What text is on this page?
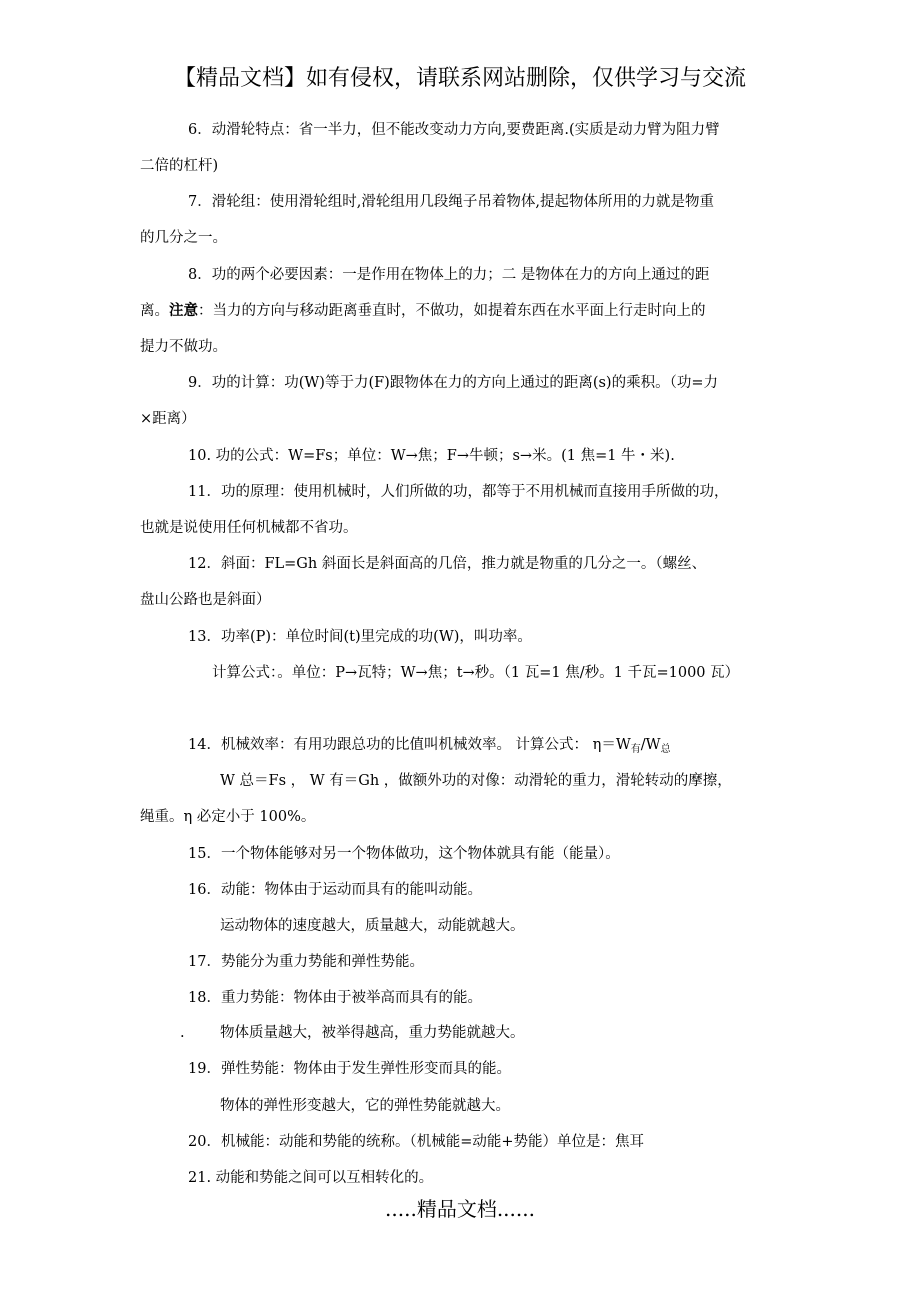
【精品文档】如有侵权，请联系网站删除，仅供学习与交流
6．动滑轮特点：省一半力，但不能改变动力方向,要费距离.(实质是动力臂为阻力臂
二倍的杠杆)
7．滑轮组：使用滑轮组时,滑轮组用几段绳子吊着物体,提起物体所用的力就是物重
的几分之一。
8．功的两个必要因素：一是作用在物体上的力；二 是物体在力的方向上通过的距
离。注意：当力的方向与移动距离垂直时，不做功，如提着东西在水平面上行走时向上的
提力不做功。
9．功的计算：功(W)等于力(F)跟物体在力的方向上通过的距离(s)的乘积。（功=力
×距离）
10. 功的公式：W=Fs；单位：W→焦；F→牛顿；s→米。(1 焦=1 牛・米).
11．功的原理：使用机械时，人们所做的功，都等于不用机械而直接用手所做的功，
也就是说使用任何机械都不省功。
12．斜面：FL=Gh 斜面长是斜面高的几倍，推力就是物重的几分之一。（螺丝、
盘山公路也是斜面）
13．功率(P)：单位时间(t)里完成的功(W)，叫功率。
计算公式：。单位：P→瓦特；W→焦；t→秒。（1 瓦=1 焦/秒。1 千瓦=1000 瓦）
14．机械效率：有用功跟总功的比值叫机械效率。 计算公式： $\eta=W_有/W_总$
W 总＝Fs ， W 有＝Gh ，做额外功的对像：动滑轮的重力，滑轮转动的摩擦，
绳重。η 必定小于 100%。
15．一个物体能够对另一个物体做功，这个物体就具有能（能量）。
16．动能：物体由于运动而具有的能叫动能。
运动物体的速度越大，质量越大，动能就越大。
17．势能分为重力势能和弹性势能。
18．重力势能：物体由于被举高而具有的能。
. 物体质量越大，被举得越高，重力势能就越大。
19．弹性势能：物体由于发生弹性形变而具的能。
物体的弹性形变越大，它的弹性势能就越大。
20．机械能：动能和势能的统称。（机械能=动能+势能）单位是：焦耳
21. 动能和势能之间可以互相转化的。
.....精品文档......
